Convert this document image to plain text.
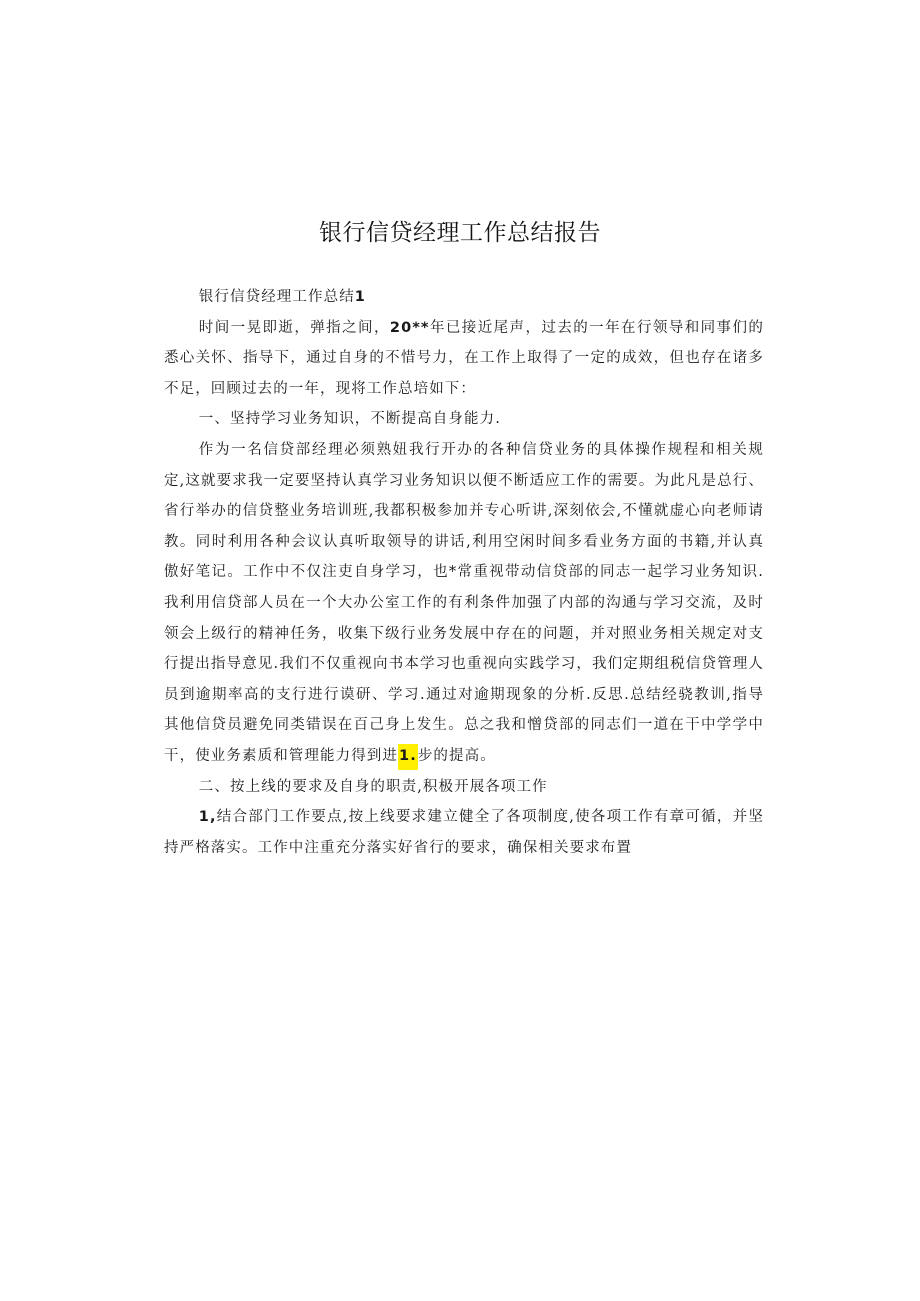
银行信贷经理工作总结报告

银行信贷经理工作总结1

时间一晃即逝，弹指之间，20**年已接近尾声，过去的一年在行领导和同事们的悉心关怀、指导下，通过自身的不惜号力，在工作上取得了一定的成效，但也存在诸多不足，回顾过去的一年，现将工作总培如下：

一、坚持学习业务知识，不断提高自身能力.

作为一名信贷部经理必须熟妞我行开办的各种信贷业务的具体操作规程和相关规定,这就要求我一定要坚持认真学习业务知识以便不断适应工作的需要。为此凡是总行、省行举办的信贷整业务培训班,我都积极参加并专心听讲,深刻依会,不懂就虚心向老师请教。同时利用各种会议认真听取领导的讲话,利用空闲时间多看业务方面的书籍,并认真傲好笔记。工作中不仅注吏自身学习，也*常重视带动信贷部的同志一起学习业务知识.我利用信贷部人员在一个大办公室工作的有利条件加强了内部的沟通与学习交流，及时领会上级行的精神任务，收集下级行业务发展中存在的问题，并对照业务相关规定对支行提出指导意见.我们不仅重视向书本学习也重视向实践学习，我们定期组税信贷管理人员到逾期率高的支行进行谟研、学习.通过对逾期现象的分析.反思.总结经骁教训,指导其他信贷员避免同类错误在百己身上发生。总之我和憎贷部的同志们一道在干中学学中干，使业务素质和管理能力得到进1.步的提高。

二、按上线的要求及自身的职责,积极开展各项工作

1,结合部门工作要点,按上线要求建立健全了各项制度,使各项工作有章可循，并坚持严格落实。工作中注重充分落实好省行的要求，确保相关要求布置
